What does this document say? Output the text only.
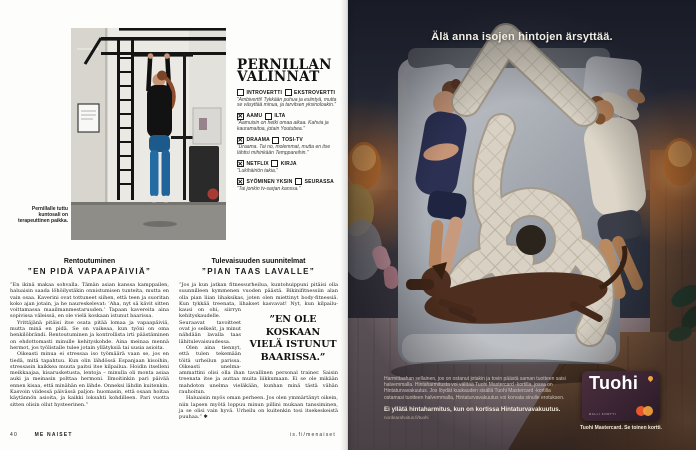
Pernillalle tuttu kuntosali on terapeuttinen paikka.
PERNILLAN
VALINNAT
INTROVERTTI EKSTROVERTTI
”Ambivertti! Tykkään puhua ja esiintyä, mutta se väsyttää minua, ja tarvitsen yksinoloakin.”
✕
AAMU ILTA
”Aamuisin on hetki omaa aikaa. Kahvia ja kauramaitoa, jotain Youtubea.”
✕
DRAAMA TOSI-TV
”Draama. Tai no, molemmat, mutta en itse lähtisi mihinkään Temppareihin.”
✕
NETFLIX KIRJA
”Lukihäiriön takia.”
✕
SYÖMINEN YKSIN SEURASSA
”Tai jonkin tv-sarjan kanssa.”
Rentoutuminen
”EN PIDÄ VAPAAPÄIVIÄ”

”En ikinä makaa sohvalla. Tämän asian kanssa kamppailen, haluaisin saada löhöilystäkin onnistumisen tunteita, mutta en vain osaa. Kaverini ovat tottuneet siihen, että teen ja suoritan koko ajan jotain, ja he naureskelevat: ’Aha, nyt sä kävit sitten voittamassa maailmanmestaruuden.’ Tapaan kavereita aina sopivissa väleissä, en ole vielä koskaan istunut baarissa.

Yrittäjänä pitäisi itse osata pitää lomaa ja vapaapäiviä, mutta minä en pidä. Se on vaikeaa, kun työni on oma henkilöbrändi. Rentoutuminen ja kontrollista irti päästäminen on ehdottomasti minulle kehityskohde. Aina meinaa mennä hermot, jos työlistalle tulee jotain yllätyksiä tai uusia asioita.

Oikeasti minua ei stressaa iso työmäärä vaan se, jos en tiedä, mitä tapahtuu. Kun olin lähdössä Espanjaan kisoihin, stressasin kaikkea muuta paitsi itse kilpailua. Hoidin itselleni meikkaajaa, kisarusketusta, lentoja – minulla oli monta asiaa auki ja meinasin polttaa hermoni. Ilmoitinkin pari päivää ennen kisaa, että minähän en lähde. Onneksi lähdin kuitenkin. Kasvoin viidessä päivässä paljon: huomasin, että osaan hoitaa käytännön asioita, ja kaikki loksahti kohdilleen. Pari vuotta sitten olisin ollut hysteerinen.”

Tulevaisuuden suunnitelmat
”PIAN TAAS LAVALLE”

”Jos ja kun jatkan fitnessurheilua, kuntohuippuni pitäisi olla suunnilleen kymmenen vuoden päästä. Bikinifitnessiin alan olla pian liian lihaksikas, joten olen miettinyt body-fitnessiä. Kun tykkää treenata, lihakset kasvavat! Nyt, kun kilpailu-
”EN OLE KOSKAAN VIELÄ ISTUNUT BAARISSA.”
kausi on ohi, siirryn kehityskaudelle. Seuraavat tavoitteet ovat jo selkeät, ja minut nähdään lavalla taas lähitulevaisuudessa.

Olen aina tiennyt, että tulen tekemään töitä urheilun parissa. Oikeasti unelma-ammattini olisi olla ihan tavallinen personal trainer. Saisin treenata itse ja auttaa muita liikkumaan. Ei se ole mikään mahdoton unelma vieläkään, kunhan minä tästä vähän rauhoitun.

Haluaisin myös oman perheen. Jos olen ymmärtänyt oikein, niin lapsen myötä loppuu minun pillini mukaan tanssiminen, ja se olisi vain hyvä. Urheilu on kuitenkin tosi itsekeskeistä puuhaa.” ✱

40	ME NAISET	is.fi/menaiset
Älä anna isojen hintojen ärsyttää.

Harmittaahan sellainen, jos on ostanut jotakin ja tovin päästä saman tuotteen saisi halvemmalla. Hintaharmitusta voi välttää Tuohi Mastercard -kortilla, jossa on Hintaturvavakuutus. Jos löydät kuukauden sisällä Tuohi Mastercard -kortilla ostamasi tuotteen halvemmalla, Hintaturvavakuutus voi korvata sinulle erotuksen.

Ei yllätä hintaharmitus, kun on kortissa Hintaturvavakuutus.

nordearahoitus.fi/tuohi

Tuohi
RALLI KORTTI
Tuohi Mastercard. Se toinen kortti.
